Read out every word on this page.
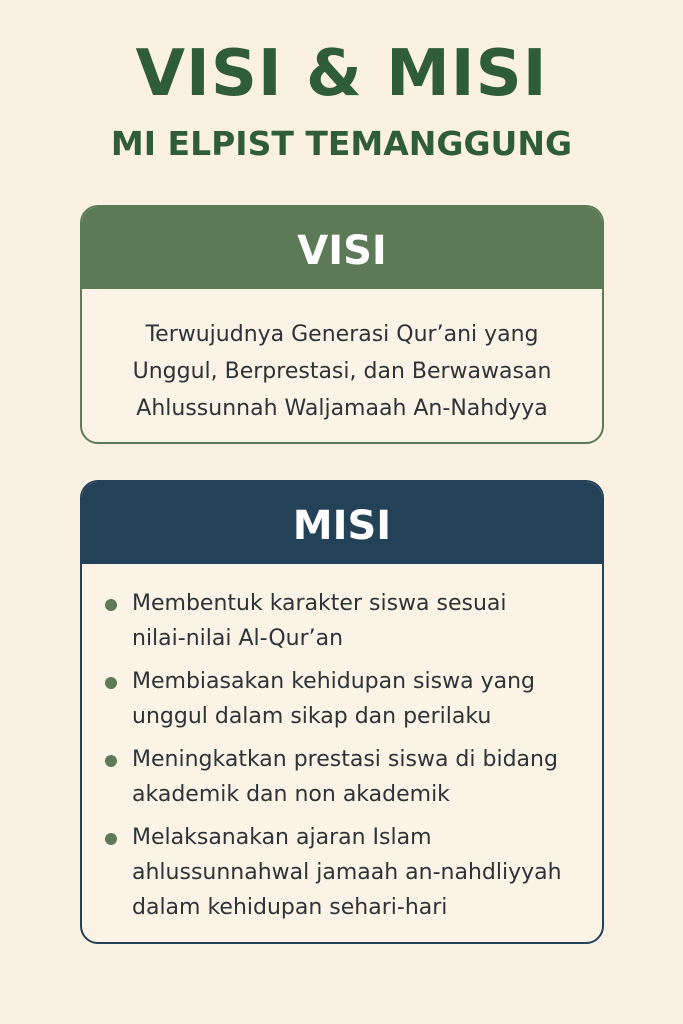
VISI & MISI
MI ELPIST TEMANGGUNG
VISI
Terwujudnya Generasi Qur’ani yang
Unggul, Berprestasi, dan Berwawasan
Ahlussunnah Waljamaah An-Nahdyya
MISI
Membentuk karakter siswa sesuai
nilai-nilai Al-Qur’an
Membiasakan kehidupan siswa yang
unggul dalam sikap dan perilaku
Meningkatkan prestasi siswa di bidang
akademik dan non akademik
Melaksanakan ajaran Islam
ahlussunnahwal jamaah an-nahdliyyah
dalam kehidupan sehari-hari
